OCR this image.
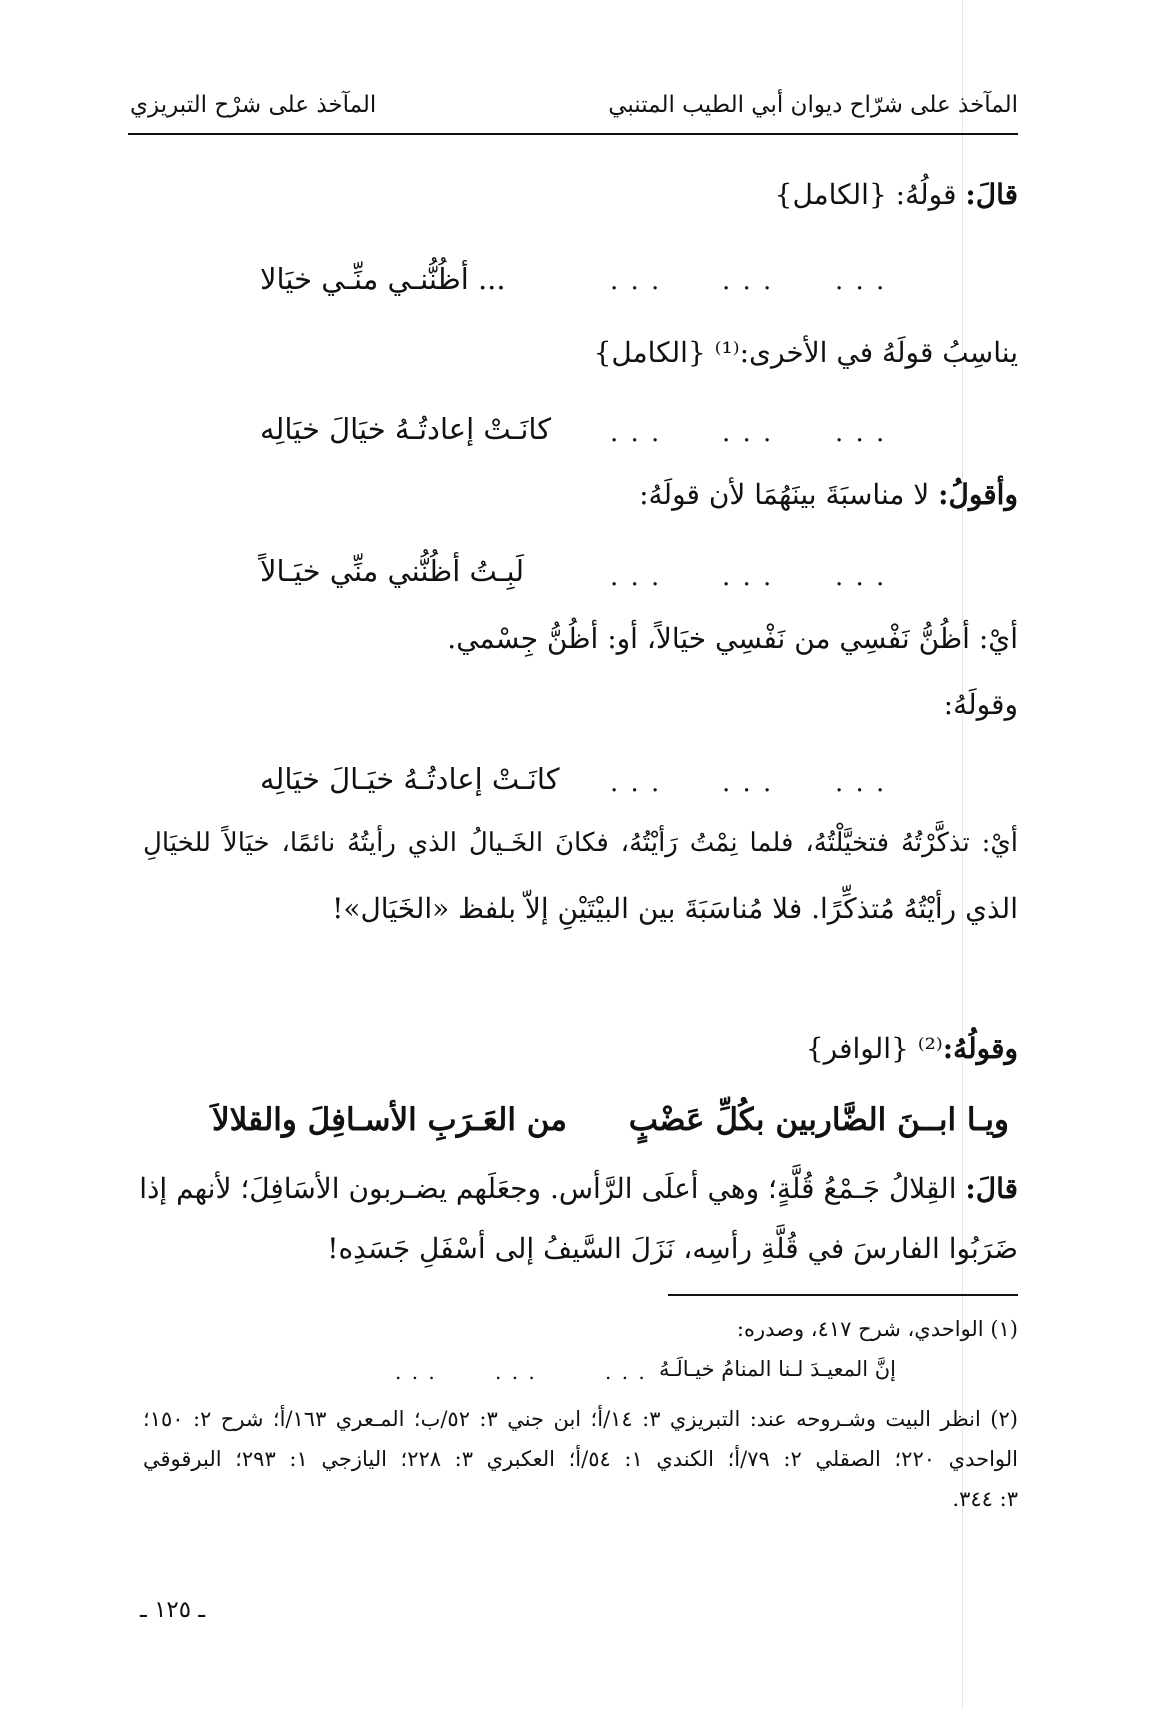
المآخذ على شرّاح ديوان أبي الطيب المتنبي
المآخذ على شرْح التبريزي
قالَ: قولُهُ: {الكامل}
. . .
. . .
. . .
... أظُنُّنـي منِّـي خيَالا
يناسِبُ قولَهُ في الأخرى:⁽¹⁾ {الكامل}
. . .
. . .
. . .
كانَـتْ إعادتُـهُ خيَالَ خيَالِه
وأقولُ: لا مناسبَةَ بينَهُمَا لأن قولَهُ:
. . .
. . .
. . .
لَبِـتُ أظُنُّني منِّي خيَـالاً
أيْ: أظُنُّ نَفْسِي من نَفْسِي خيَالاً، أو: أظُنُّ جِسْمي.
وقولَهُ:
. . .
. . .
. . .
كانَـتْ إعادتُـهُ خيَـالَ خيَالِه
أيْ: تذكَّرْتُهُ فتخيَّلْتُهُ، فلما نِمْتُ رَأيْتُهُ، فكانَ الخَـيالُ الذي رأيتُهُ نائمًا، خيَالاً للخيَالِ
الذي رأيْتُهُ مُتذكِّرًا. فلا مُناسَبَةَ بين البيْتَيْنِ إلاّ بلفظ «الخَيَال»!
وقولُهُ:⁽²⁾ {الوافر}
ويـا ابــنَ الضَّاربين بكُلِّ عَضْبٍ
من العَـرَبِ الأسـافِلَ والقلالاَ
قالَ: القِلالُ جَـمْعُ قُلَّةٍ؛ وهي أعلَى الرَّأس. وجعَلَهم يضـربون الأسَافِلَ؛ لأنهم إذا
ضَرَبُوا الفارسَ في قُلَّةِ رأسِه، نَزَلَ السَّيفُ إلى أسْفَلِ جَسَدِه!
(١) الواحدي، شرح ٤١٧، وصدره:
. . .
. . .
. . .	إنَّ المعيـدَ لـنا المنامُ خيـالَـهُ
(٢) انظر البيت وشـروحه عند: التبريزي ٣: ١٤/أ؛ ابن جني ٣: ٥٢/ب؛ المـعري ١٦٣/أ؛ شرح ٢: ١٥٠؛
الواحدي ٢٢٠؛ الصقلي ٢: ٧٩/أ؛ الكندي ١: ٥٤/أ؛ العكبري ٣: ٢٢٨؛ اليازجي ١: ٢٩٣؛ البرقوقي
٣: ٣٤٤.
ـ ١٢٥ ـ
